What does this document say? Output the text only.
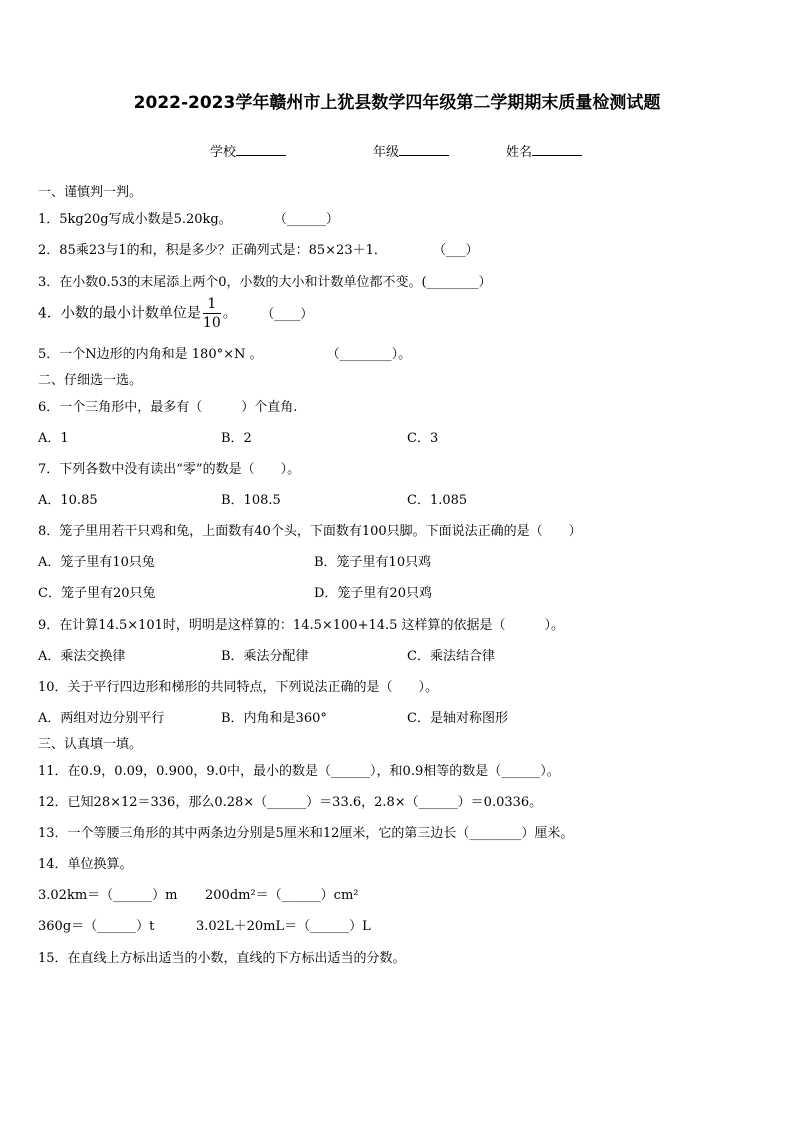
2022-2023学年赣州市上犹县数学四年级第二学期期末质量检测试题
学校	年级	姓名
一、谨慎判一判。
1．5kg20g写成小数是5.20kg。	（______）
2．85乘23与1的和，积是多少？正确列式是：85×23＋1．	（___）
3．在小数0.53的末尾添上两个0，小数的大小和计数单位都不变。(________）
4．小数的最小计数单位是 $\frac{1}{10}$ 。 （____）
5．一个N边形的内角和是 180°×N 。	（________）。
二、仔细选一选。
6．一个三角形中，最多有（　　　）个直角.
A．1	B．2	C．3
7．下列各数中没有读出“零”的数是（　　）。
A．10.85	B．108.5	C．1.085
8．笼子里用若干只鸡和兔，上面数有40个头，下面数有100只脚。下面说法正确的是（　　）
A．笼子里有10只兔	B．笼子里有10只鸡
C．笼子里有20只兔	D．笼子里有20只鸡
9．在计算14.5×101时，明明是这样算的：14.5×100+14.5 这样算的依据是（　　　）。
A．乘法交换律	B．乘法分配律	C．乘法结合律
10．关于平行四边形和梯形的共同特点，下列说法正确的是（　　）。
A．两组对边分别平行	B．内角和是360°	C．是轴对称图形
三、认真填一填。
11．在0.9，0.09，0.900，9.0中，最小的数是（______），和0.9相等的数是（______）。
12．已知28×12＝336，那么0.28×（______）＝33.6，2.8×（______）＝0.0336。
13．一个等腰三角形的其中两条边分别是5厘米和12厘米，它的第三边长（________）厘米。
14．单位换算。
3.02km＝（______）m 200dm²＝（______）cm²
360g＝（______）t	3.02L＋20mL＝（______）L
15．在直线上方标出适当的小数，直线的下方标出适当的分数。
